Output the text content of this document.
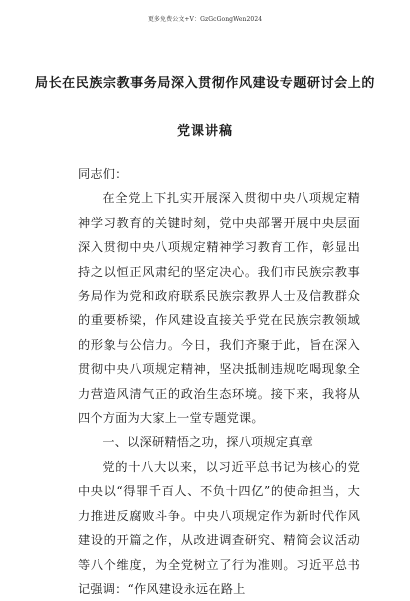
更多免费公文+V：GzGcGongWen2024
局长在民族宗教事务局深入贯彻作风建设专题研讨会上的
党课讲稿

同志们：

在全党上下扎实开展深入贯彻中央八项规定精神学习教育的关键时刻，党中央部署开展中央层面深入贯彻中央八项规定精神学习教育工作，彰显出持之以恒正风肃纪的坚定决心。我们市民族宗教事务局作为党和政府联系民族宗教界人士及信教群众的重要桥梁，作风建设直接关乎党在民族宗教领域的形象与公信力。今日，我们齐聚于此，旨在深入贯彻中央八项规定精神，坚决抵制违规吃喝现象全力营造风清气正的政治生态环境。接下来，我将从四个方面为大家上一堂专题党课。

一、以深研精悟之功，探八项规定真章

党的十八大以来，以习近平总书记为核心的党中央以“得罪千百人、不负十四亿”的使命担当，大力推进反腐败斗争。中央八项规定作为新时代作风建设的开篇之作，从改进调查研究、精简会议活动等八个维度，为全党树立了行为准则。习近平总书记强调：“作风建设永远在路上
